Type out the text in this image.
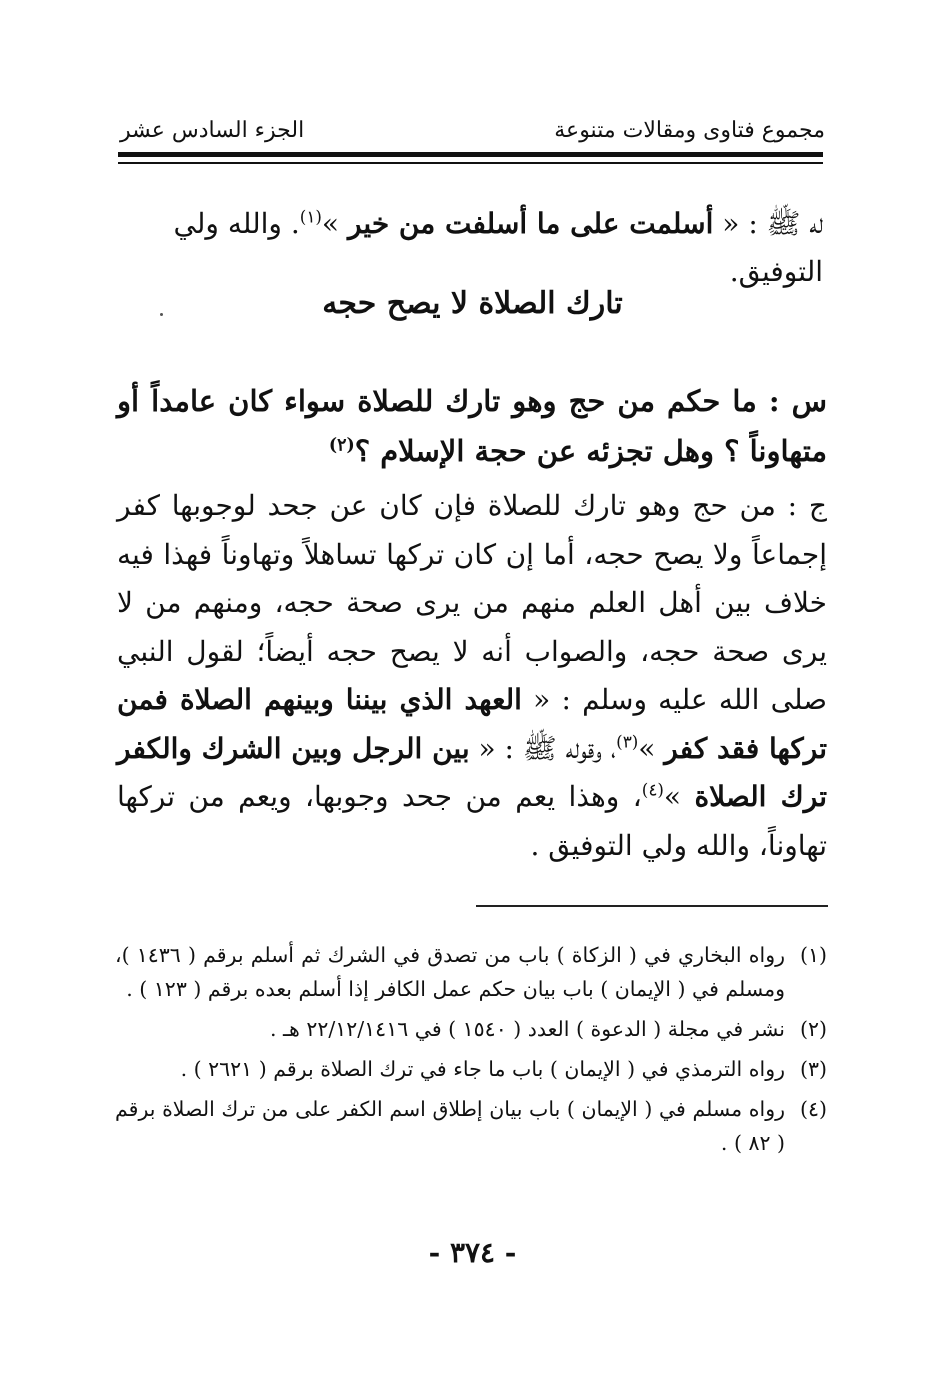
مجموع فتاوى ومقالات متنوعة
الجزء السادس عشر
له ﷺ : « أسلمت على ما أسلفت من خير »$^{(١)}$. والله ولي التوفيق.
تارك الصلاة لا يصح حجه
س : ما حكم من حج وهو تارك للصلاة سواء كان عامداً أو متهاوناً ؟ وهل تجزئه عن حجة الإسلام ؟$^{(٢)}$
ج : من حج وهو تارك للصلاة فإن كان عن جحد لوجوبها كفر إجماعاً ولا يصح حجه، أما إن كان تركها تساهلاً وتهاوناً فهذا فيه خلاف بين أهل العلم منهم من يرى صحة حجه، ومنهم من لا يرى صحة حجه، والصواب أنه لا يصح حجه أيضاً؛ لقول النبي صلى الله عليه وسلم : « العهد الذي بيننا وبينهم الصلاة فمن تركها فقد كفر »$^{(٣)}$، وقوله ﷺ : « بين الرجل وبين الشرك والكفر ترك الصلاة »$^{(٤)}$، وهذا يعم من جحد وجوبها، ويعم من تركها تهاوناً، والله ولي التوفيق .
(١)
رواه البخاري في ( الزكاة ) باب من تصدق في الشرك ثم أسلم برقم ( ١٤٣٦ )، ومسلم في ( الإيمان ) باب بيان حكم عمل الكافر إذا أسلم بعده برقم ( ١٢٣ ) .
(٢)
نشر في مجلة ( الدعوة ) العدد ( ١٥٤٠ ) في ٢٢/١٢/١٤١٦ هـ .
(٣)
رواه الترمذي في ( الإيمان ) باب ما جاء في ترك الصلاة برقم ( ٢٦٢١ ) .
(٤)
رواه مسلم في ( الإيمان ) باب بيان إطلاق اسم الكفر على من ترك الصلاة برقم ( ٨٢ ) .
- ٣٧٤ -
